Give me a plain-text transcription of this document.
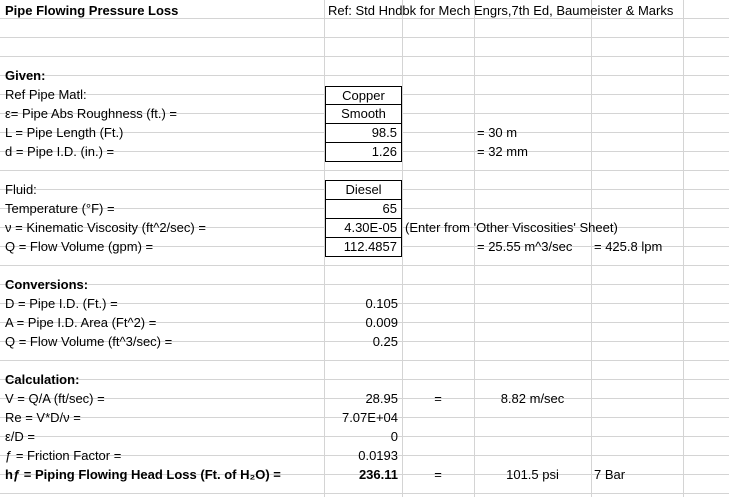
Pipe Flowing Pressure Loss	Ref: Std Hndbk for Mech Engrs,7th Ed, Baumeister & Marks
Given:
Ref Pipe Matl:	Copper
ε= Pipe Abs Roughness (ft.) =	Smooth
L = Pipe Length (Ft.)	98.5	= 30 m
d = Pipe I.D. (in.) =	1.26	= 32 mm
Fluid:	Diesel
Temperature (°F) =	65
ν = Kinematic Viscosity (ft^2/sec) =	4.30E-05 (Enter from 'Other Viscosities' Sheet)
Q = Flow Volume (gpm) =	112.4857	= 25.55 m^3/sec = 425.8 lpm
Conversions:
D = Pipe I.D. (Ft.) =	0.105
A = Pipe I.D. Area (Ft^2) =	0.009
Q = Flow Volume (ft^3/sec) =	0.25
Calculation:
V = Q/A (ft/sec) =	28.95	=	8.82 m/sec
Re = V*D/ν =	7.07E+04
ε/D =	0
ƒ = Friction Factor =	0.0193
hƒ = Piping Flowing Head Loss (Ft. of H₂O) =	236.11	=	101.5 psi	7 Bar
